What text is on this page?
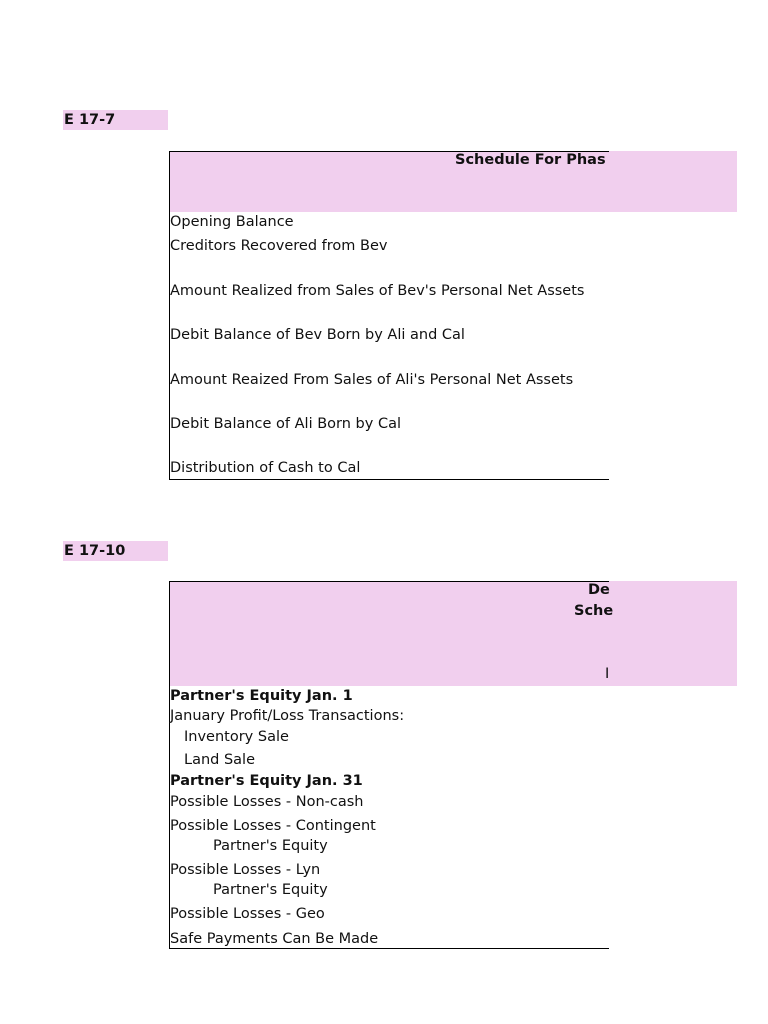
E 17-7
Schedule For Phas
Opening Balance
Creditors Recovered from Bev
Amount Realized from Sales of Bev's Personal Net Assets
Debit Balance of Bev Born by Ali and Cal
Amount Reaized From Sales of Ali's Personal Net Assets
Debit Balance of Ali Born by Cal
Distribution of Cash to Cal
E 17-10
De
Sche
I
Partner's Equity Jan. 1
January Profit/Loss Transactions:
Inventory Sale
Land Sale
Partner's Equity Jan. 31
Possible Losses - Non-cash
Possible Losses - Contingent
Partner's Equity
Possible Losses - Lyn
Partner's Equity
Possible Losses - Geo
Safe Payments Can Be Made
